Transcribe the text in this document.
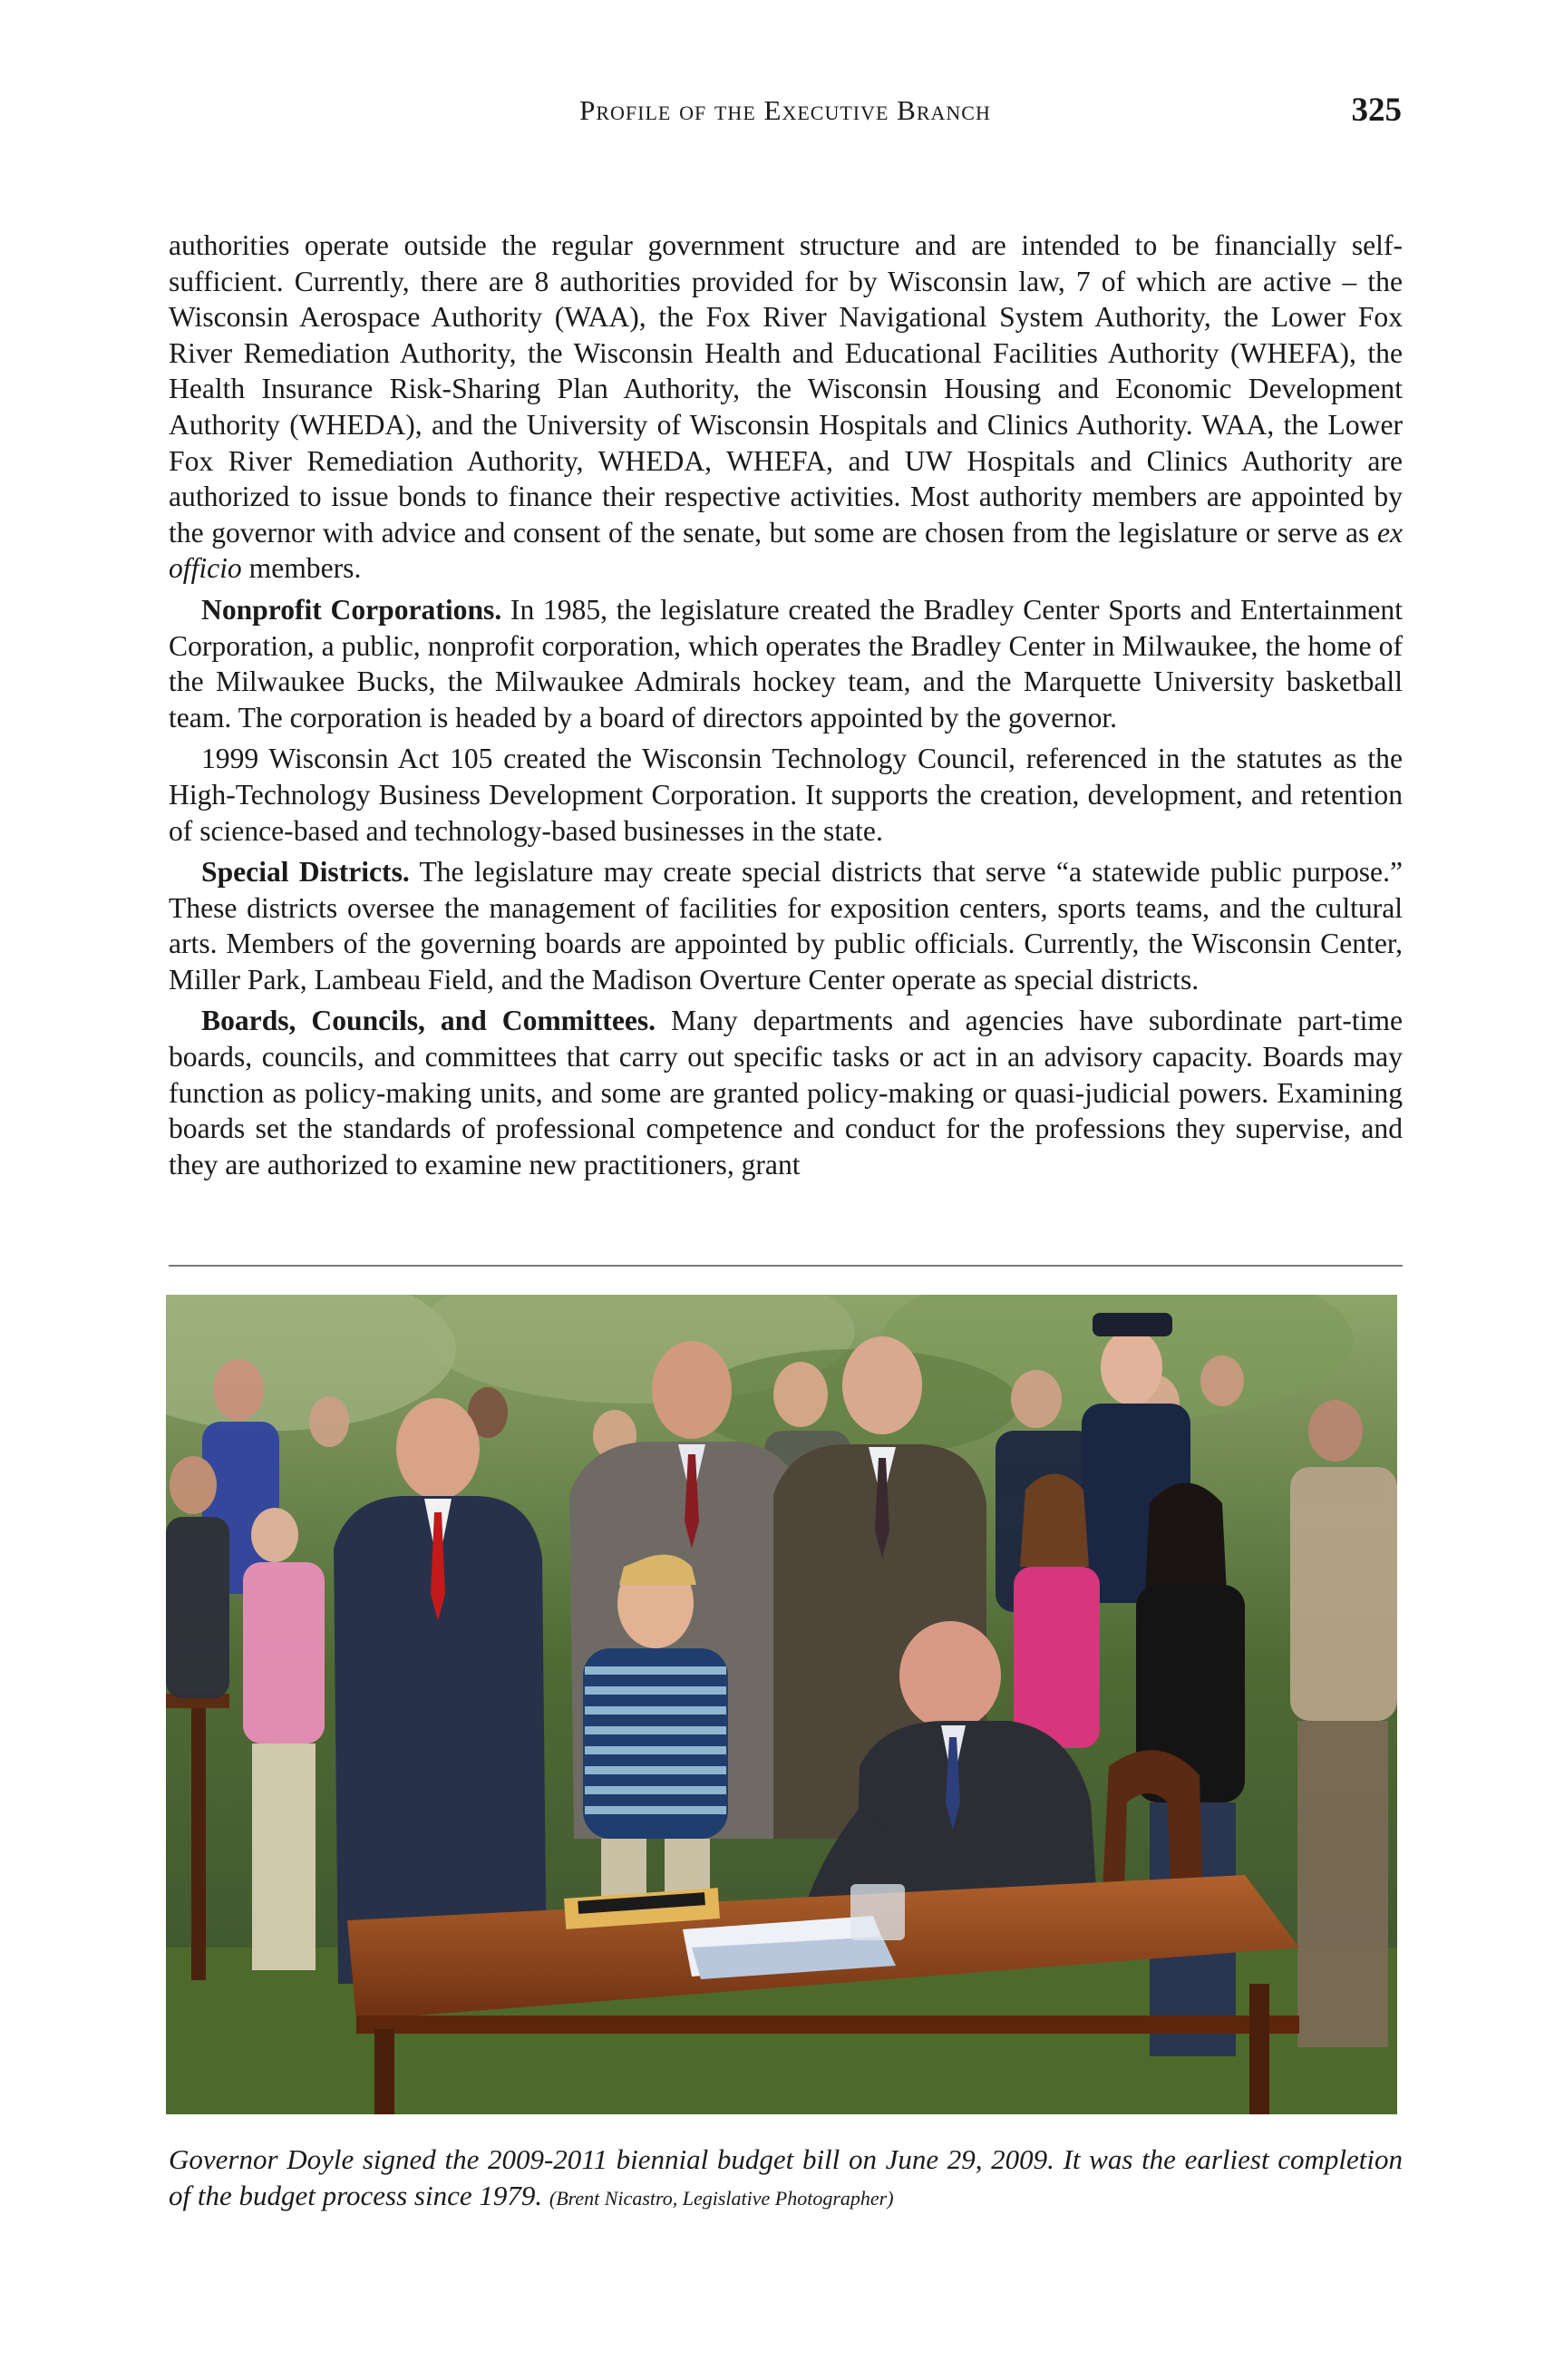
Profile of the Executive Branch	325

authorities operate outside the regular government structure and are intended to be financially self-sufficient. Currently, there are 8 authorities provided for by Wisconsin law, 7 of which are active – the Wisconsin Aerospace Authority (WAA), the Fox River Navigational System Authority, the Lower Fox River Remediation Authority, the Wisconsin Health and Educational Facilities Authority (WHEFA), the Health Insurance Risk-Sharing Plan Authority, the Wisconsin Housing and Economic Development Authority (WHEDA), and the University of Wisconsin Hospitals and Clinics Authority. WAA, the Lower Fox River Remediation Authority, WHEDA, WHEFA, and UW Hospitals and Clinics Authority are authorized to issue bonds to finance their respective activities. Most authority members are appointed by the governor with advice and consent of the senate, but some are chosen from the legislature or serve as ex officio members.

Nonprofit Corporations. In 1985, the legislature created the Bradley Center Sports and Entertainment Corporation, a public, nonprofit corporation, which operates the Bradley Center in Milwaukee, the home of the Milwaukee Bucks, the Milwaukee Admirals hockey team, and the Marquette University basketball team. The corporation is headed by a board of directors appointed by the governor.

1999 Wisconsin Act 105 created the Wisconsin Technology Council, referenced in the statutes as the High-Technology Business Development Corporation. It supports the creation, development, and retention of science-based and technology-based businesses in the state.

Special Districts. The legislature may create special districts that serve “a statewide public purpose.” These districts oversee the management of facilities for exposition centers, sports teams, and the cultural arts. Members of the governing boards are appointed by public officials. Currently, the Wisconsin Center, Miller Park, Lambeau Field, and the Madison Overture Center operate as special districts.

Boards, Councils, and Committees. Many departments and agencies have subordinate part-time boards, councils, and committees that carry out specific tasks or act in an advisory capacity. Boards may function as policy-making units, and some are granted policy-making or quasi-judicial powers. Examining boards set the standards of professional competence and conduct for the professions they supervise, and they are authorized to examine new practitioners, grant

Governor Doyle signed the 2009-2011 biennial budget bill on June 29, 2009. It was the earliest completion of the budget process since 1979. (Brent Nicastro, Legislative Photographer)
